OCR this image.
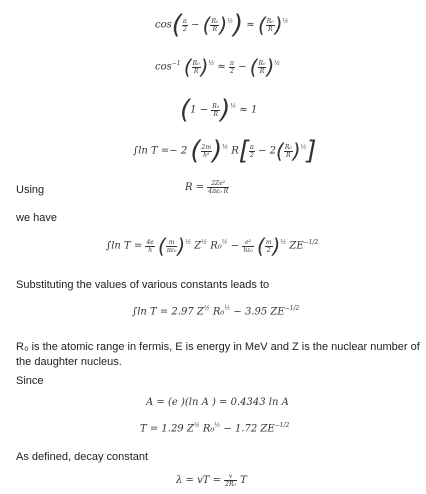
$\cos( \frac{\pi}{2}$ − ( $\frac{\text{R₀}}{R} )^{\frac{1}{2}}$) ≈ ( $\frac{\text{R₀}}{R} )^{\frac{1}{2}}$
$\cos^{-1}$ ( $\frac{\text{R₀}}{R} )^{\frac{1}{2}} \approx \frac{\pi}{2}$ − ( $\frac{\text{R₀}}{R} )^{\frac{1}{2}}$
$(1 - \frac{\text{R₀}}{R} )^{\frac{1}{2}} \approx 1$
∫ln T =− 2 ( $\frac{2m}{\text{h²}} )^{\frac{1}{2}}$ $R[ \frac{\pi}{2} - 2( \frac{\text{R₀}}{R} )^{\frac{1}{2}}]$
Using	$R = \frac{\text{2Ze²}}{\text{4πε₀ R}}$
we have
∫ln $T = \frac{4e}{h}$ ( $\frac{m}{\text{πε₀}} )^{\frac{1}{2}}$ $Z^{\frac{1}{2}}$ $R_0^{\frac{1}{2}} - \frac{\text{e²}}{\text{hε₀}}$ ( $\frac{m}{2} )^{\frac{1}{2}}$ $ZE^{-1/2}$
Substituting the values of various constants leads to
∫ln T = 2.97 $Z^{\frac{1}{2}}$ R₀$^{\frac{1}{2}}$ − 3.95 $ZE^{-1/2}$
R₀ is the atomic range in fermis, E is energy in MeV and Z is the nuclear number of the daughter nucleus.
Since
A = (e )(ln A ) = 0.4343 ln A
T = 1.29 $Z^{\frac{1}{2}}$ R₀$^{\frac{1}{2}}$ − 1.72 $ZE^{-1/2}$
As defined, decay constant
λ = vT = $\frac{v}{\text{2R₀}}$ T
